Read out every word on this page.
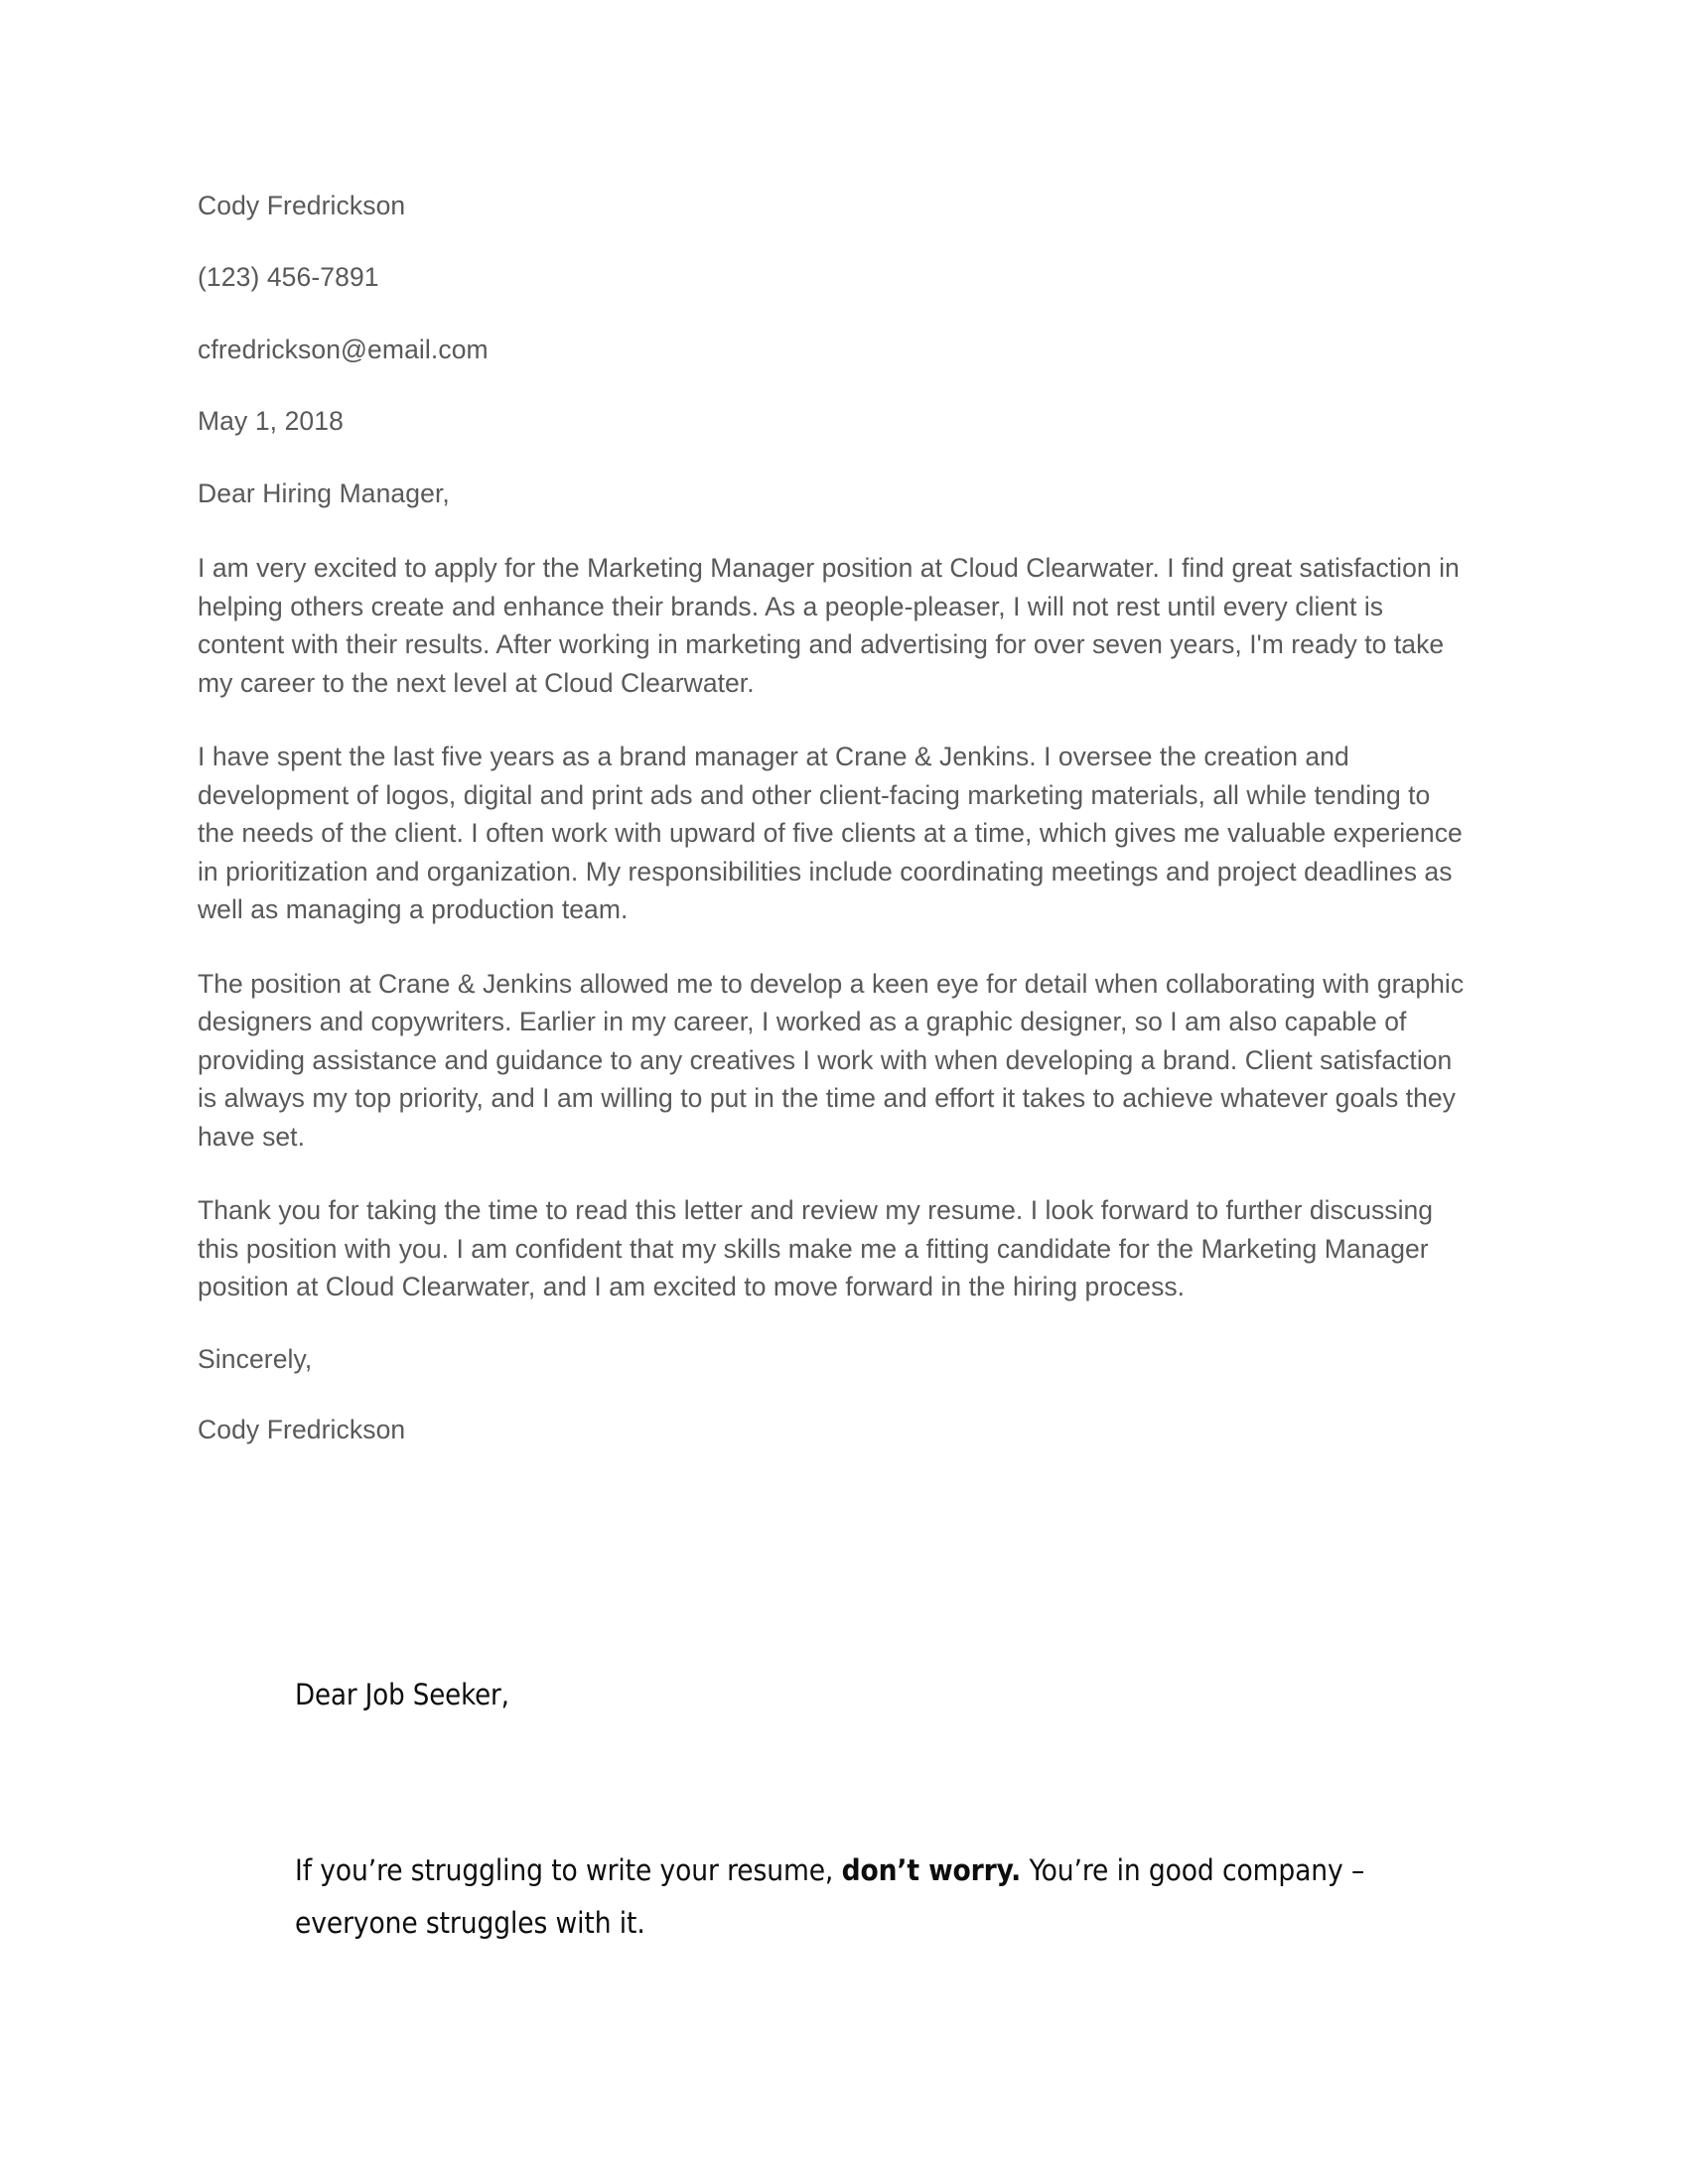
Cody Fredrickson

(123) 456-7891

cfredrickson@email.com

May 1, 2018

Dear Hiring Manager,

I am very excited to apply for the Marketing Manager position at Cloud Clearwater. I find great satisfaction in helping others create and enhance their brands. As a people-pleaser, I will not rest until every client is content with their results. After working in marketing and advertising for over seven years, I'm ready to take my career to the next level at Cloud Clearwater.

I have spent the last five years as a brand manager at Crane & Jenkins. I oversee the creation and development of logos, digital and print ads and other client-facing marketing materials, all while tending to the needs of the client. I often work with upward of five clients at a time, which gives me valuable experience in prioritization and organization. My responsibilities include coordinating meetings and project deadlines as well as managing a production team.

The position at Crane & Jenkins allowed me to develop a keen eye for detail when collaborating with graphic designers and copywriters. Earlier in my career, I worked as a graphic designer, so I am also capable of providing assistance and guidance to any creatives I work with when developing a brand. Client satisfaction is always my top priority, and I am willing to put in the time and effort it takes to achieve whatever goals they have set.

Thank you for taking the time to read this letter and review my resume. I look forward to further discussing this position with you. I am confident that my skills make me a fitting candidate for the Marketing Manager position at Cloud Clearwater, and I am excited to move forward in the hiring process.

Sincerely,

Cody Fredrickson

Dear Job Seeker,

If you’re struggling to write your resume, don’t worry. You’re in good company – everyone struggles with it.
